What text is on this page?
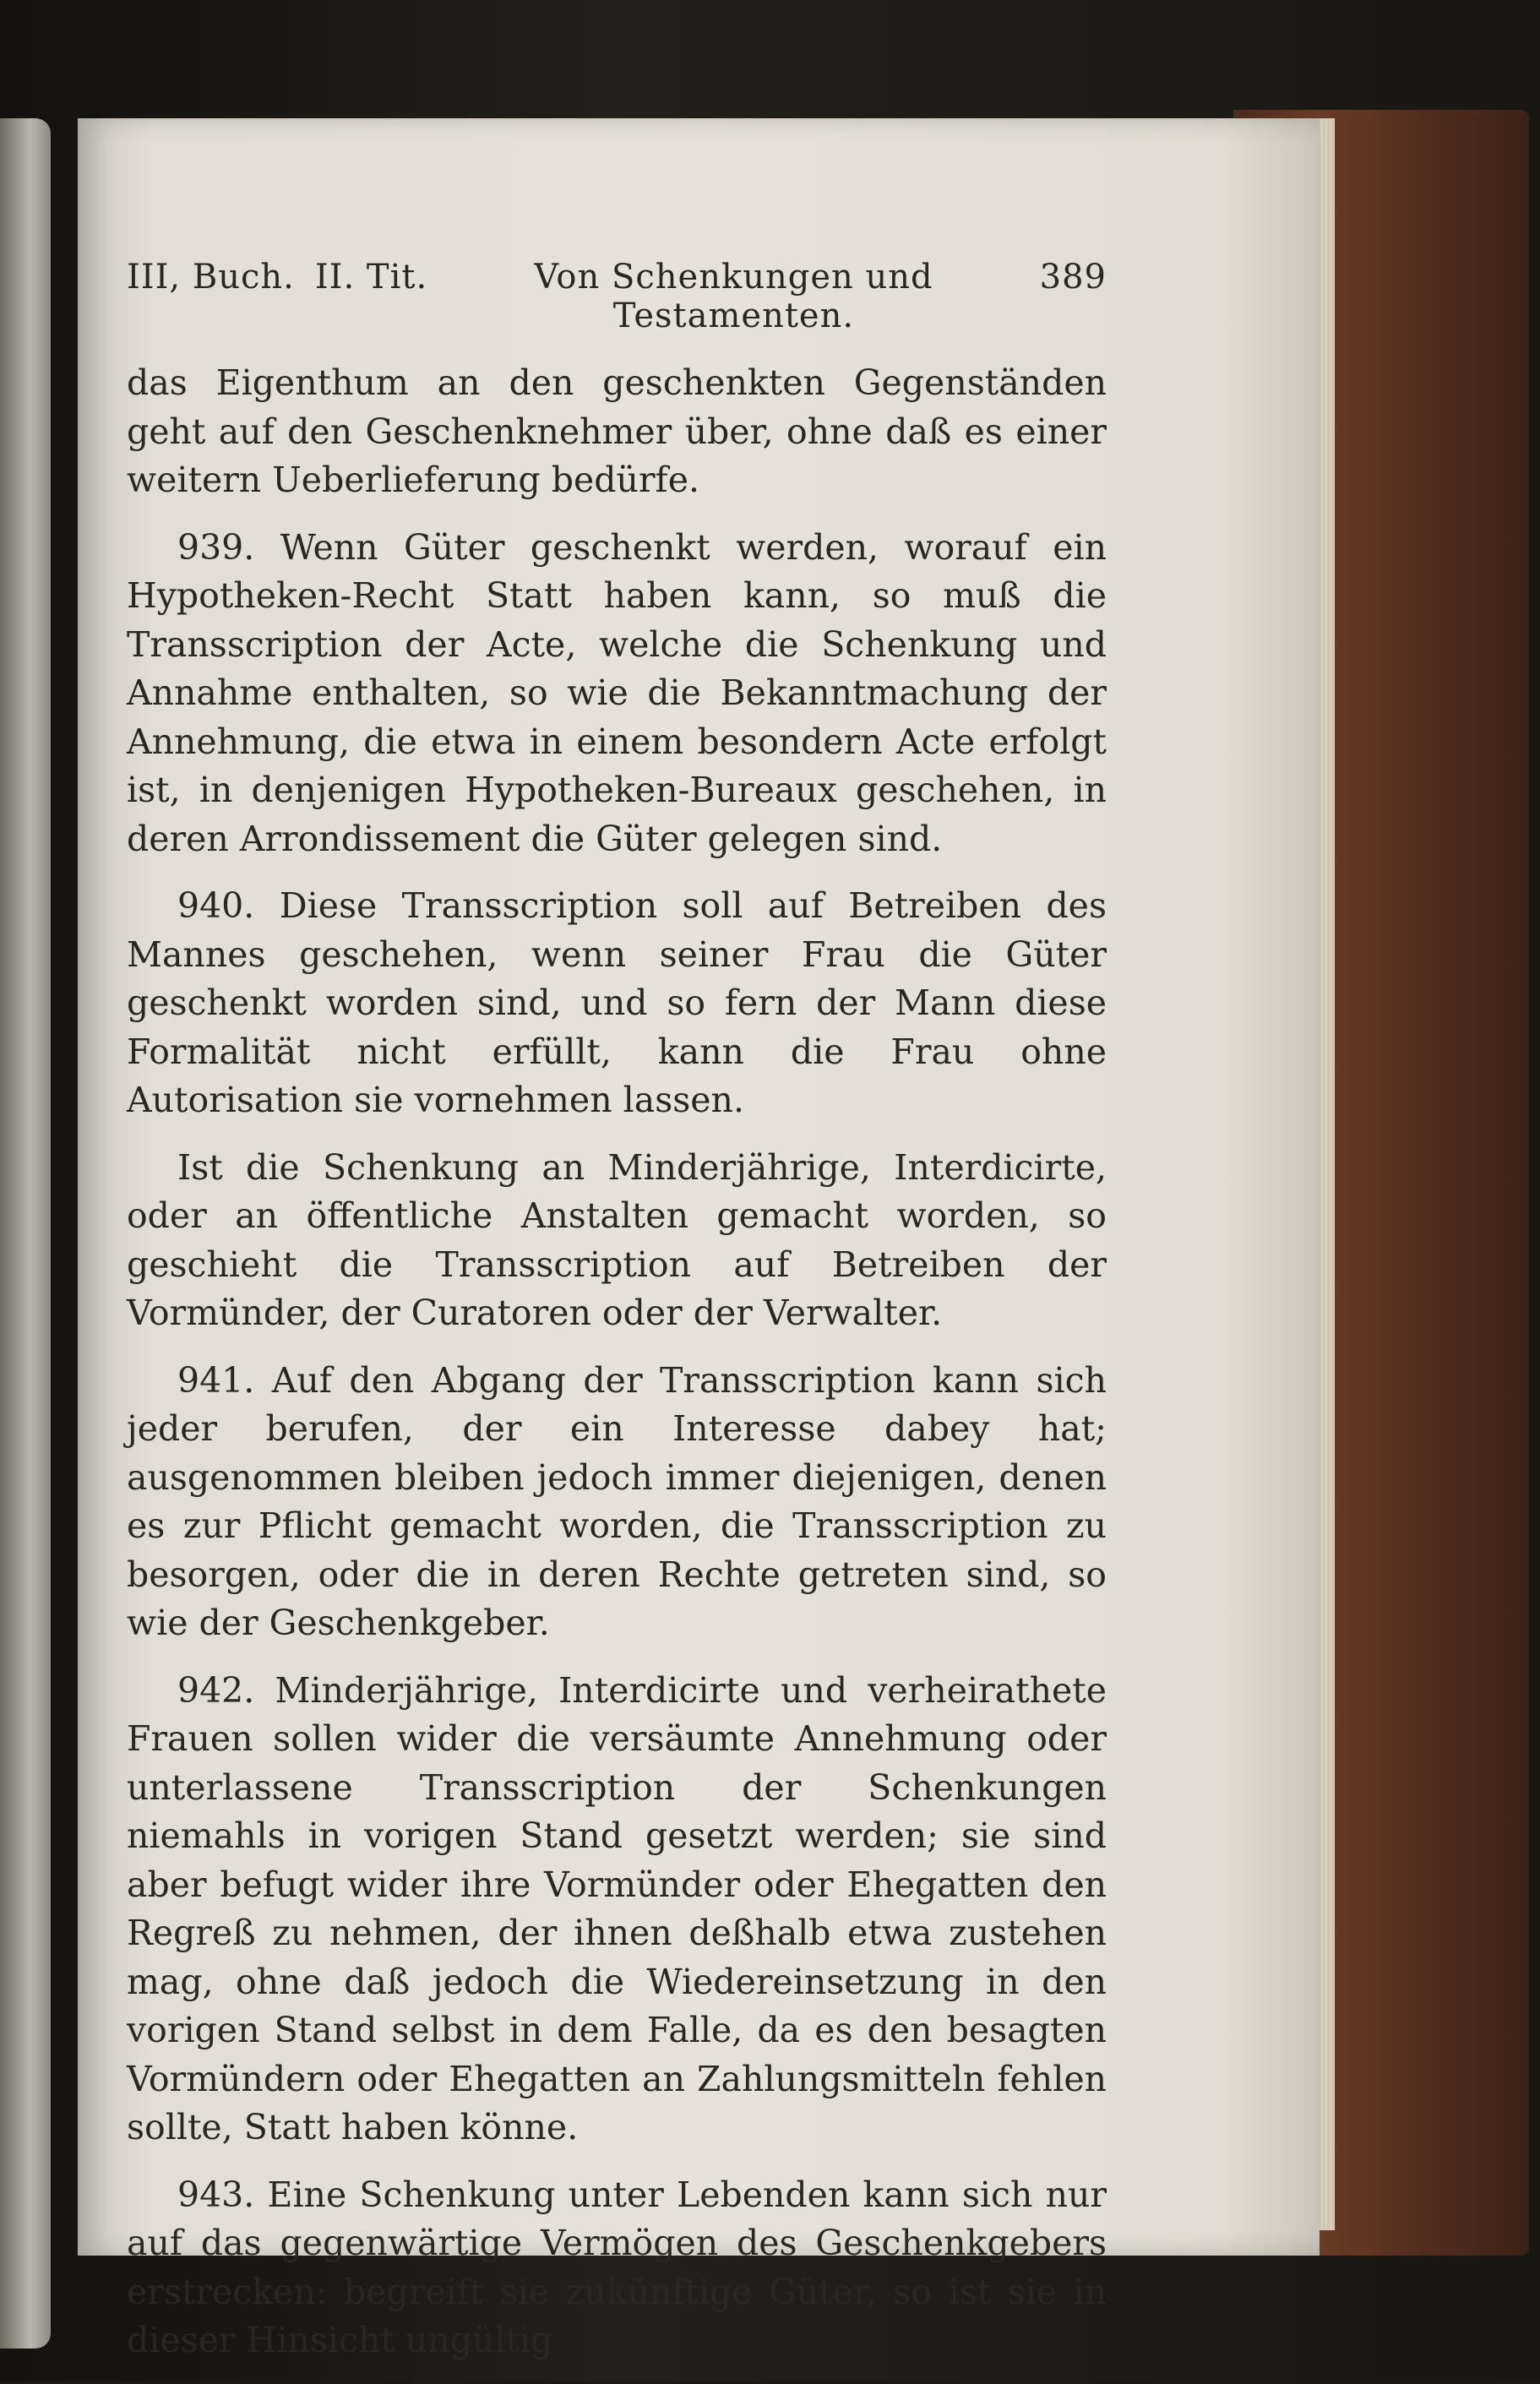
III, Buch. II. Tit.	Von Schenkungen und Testamenten.
389

das Eigenthum an den geschenkten Gegenständen geht auf den Geschenknehmer über, ohne daß es einer weitern Ueberlieferung bedürfe.

939. Wenn Güter geschenkt werden, worauf ein Hypotheken-Recht Statt haben kann, so muß die Transscription der Acte, welche die Schenkung und Annahme enthalten, so wie die Bekanntmachung der Annehmung, die etwa in einem besondern Acte erfolgt ist, in denjenigen Hypotheken-Bureaux geschehen, in deren Arrondissement die Güter gelegen sind.

940. Diese Transscription soll auf Betreiben des Mannes geschehen, wenn seiner Frau die Güter geschenkt worden sind, und so fern der Mann diese Formalität nicht erfüllt, kann die Frau ohne Autorisation sie vornehmen lassen.

Ist die Schenkung an Minderjährige, Interdicirte, oder an öffentliche Anstalten gemacht worden, so geschieht die Transscription auf Betreiben der Vormünder, der Curatoren oder der Verwalter.

941. Auf den Abgang der Transscription kann sich jeder berufen, der ein Interesse dabey hat; ausgenommen bleiben jedoch immer diejenigen, denen es zur Pflicht gemacht worden, die Transscription zu besorgen, oder die in deren Rechte getreten sind, so wie der Geschenkgeber.

942. Minderjährige, Interdicirte und verheirathete Frauen sollen wider die versäumte Annehmung oder unterlassene Transscription der Schenkungen niemahls in vorigen Stand gesetzt werden; sie sind aber befugt wider ihre Vormünder oder Ehegatten den Regreß zu nehmen, der ihnen deßhalb etwa zustehen mag, ohne daß jedoch die Wiedereinsetzung in den vorigen Stand selbst in dem Falle, da es den besagten Vormündern oder Ehegatten an Zahlungsmitteln fehlen sollte, Statt haben könne.

943. Eine Schenkung unter Lebenden kann sich nur auf das gegenwärtige Vermögen des Geschenkgebers erstrecken: begreift sie zukünftige Güter, so ist sie in dieser Hinsicht ungültig
